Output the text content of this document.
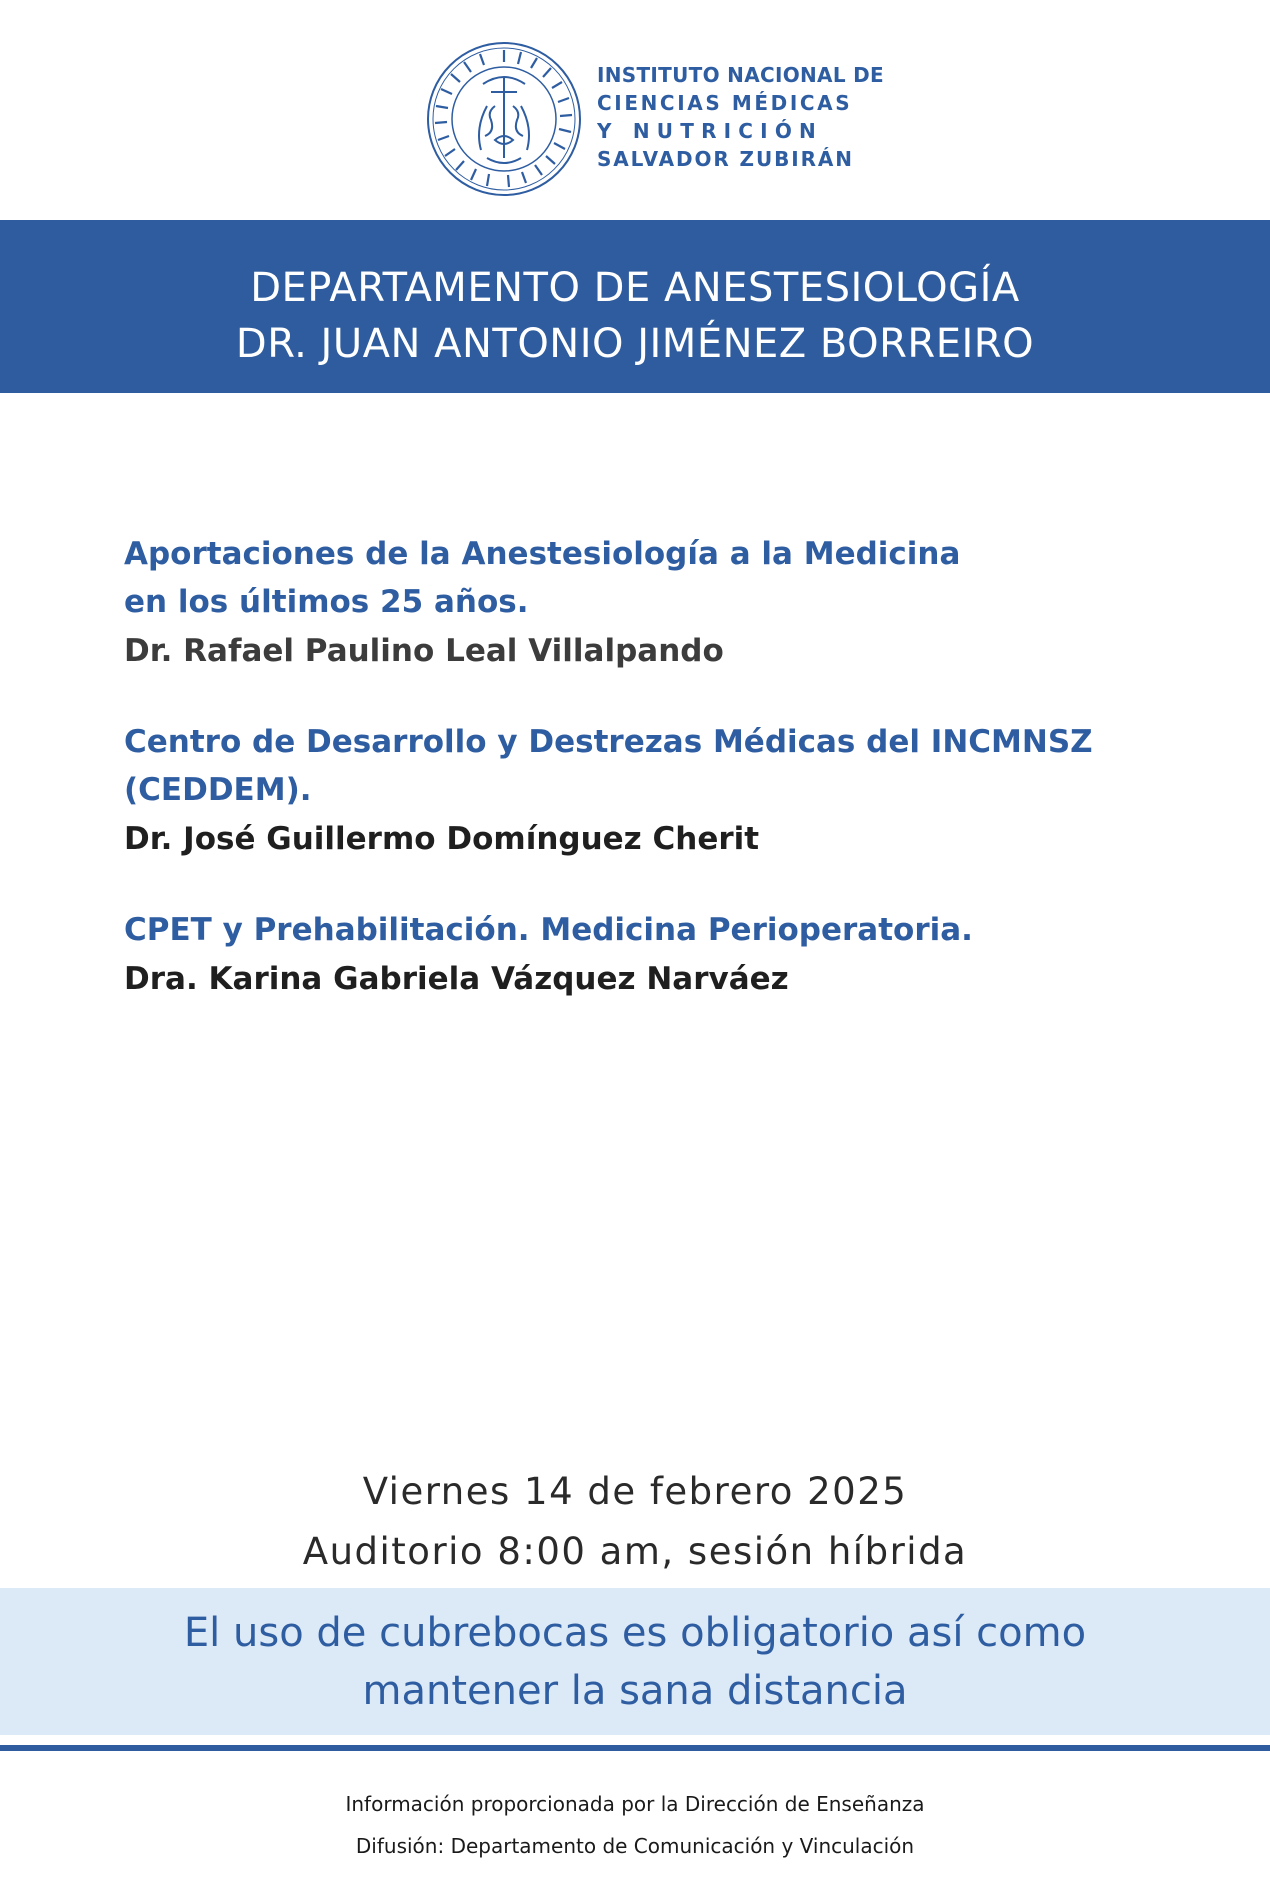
INSTITUTO NACIONAL DE
CIENCIAS MÉDICAS
Y NUTRICIÓN
SALVADOR ZUBIRÁN
DEPARTAMENTO DE ANESTESIOLOGÍA
DR. JUAN ANTONIO JIMÉNEZ BORREIRO
Aportaciones de la Anestesiología a la Medicina
en los últimos 25 años.
Dr. Rafael Paulino Leal Villalpando
Centro de Desarrollo y Destrezas Médicas del INCMNSZ
(CEDDEM).
Dr. José Guillermo Domínguez Cherit
CPET y Prehabilitación. Medicina Perioperatoria.
Dra. Karina Gabriela Vázquez Narváez
Viernes 14 de febrero 2025
Auditorio 8:00 am, sesión híbrida
El uso de cubrebocas es obligatorio así como
mantener la sana distancia
Información proporcionada por la Dirección de Enseñanza
Difusión: Departamento de Comunicación y Vinculación
